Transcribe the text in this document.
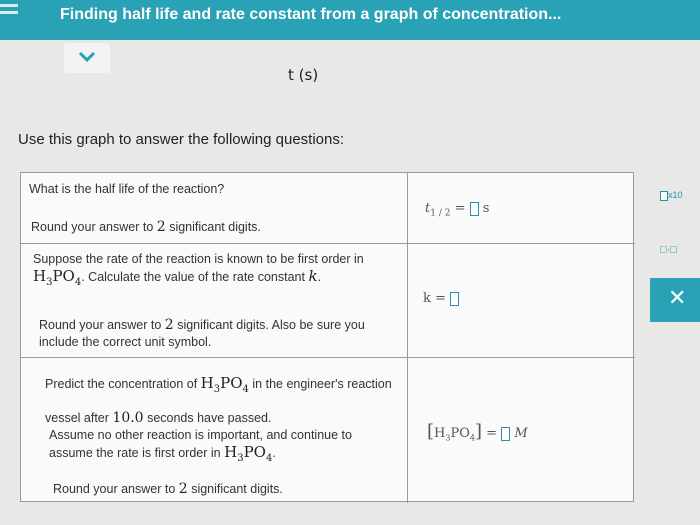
Finding half life and rate constant from a graph of concentration...
t (s)
Use this graph to answer the following questions:
What is the half life of the reaction?
Round your answer to 2 significant digits.
$t_{1 / 2} = s$
Suppose the rate of the reaction is known to be first order in
$H_3PO_4$. Calculate the value of the rate constant k.
Round your answer to 2 significant digits. Also be sure you include the correct unit symbol.
k =
Predict the concentration of $H_3PO_4$ in the engineer's reaction vessel after 10.0 seconds have passed.
Assume no other reaction is important, and continue to assume the rate is first order in $H_3PO_4$.
Round your answer to 2 significant digits.
$[H_3PO_4] = M$
x10
□·□
✕
